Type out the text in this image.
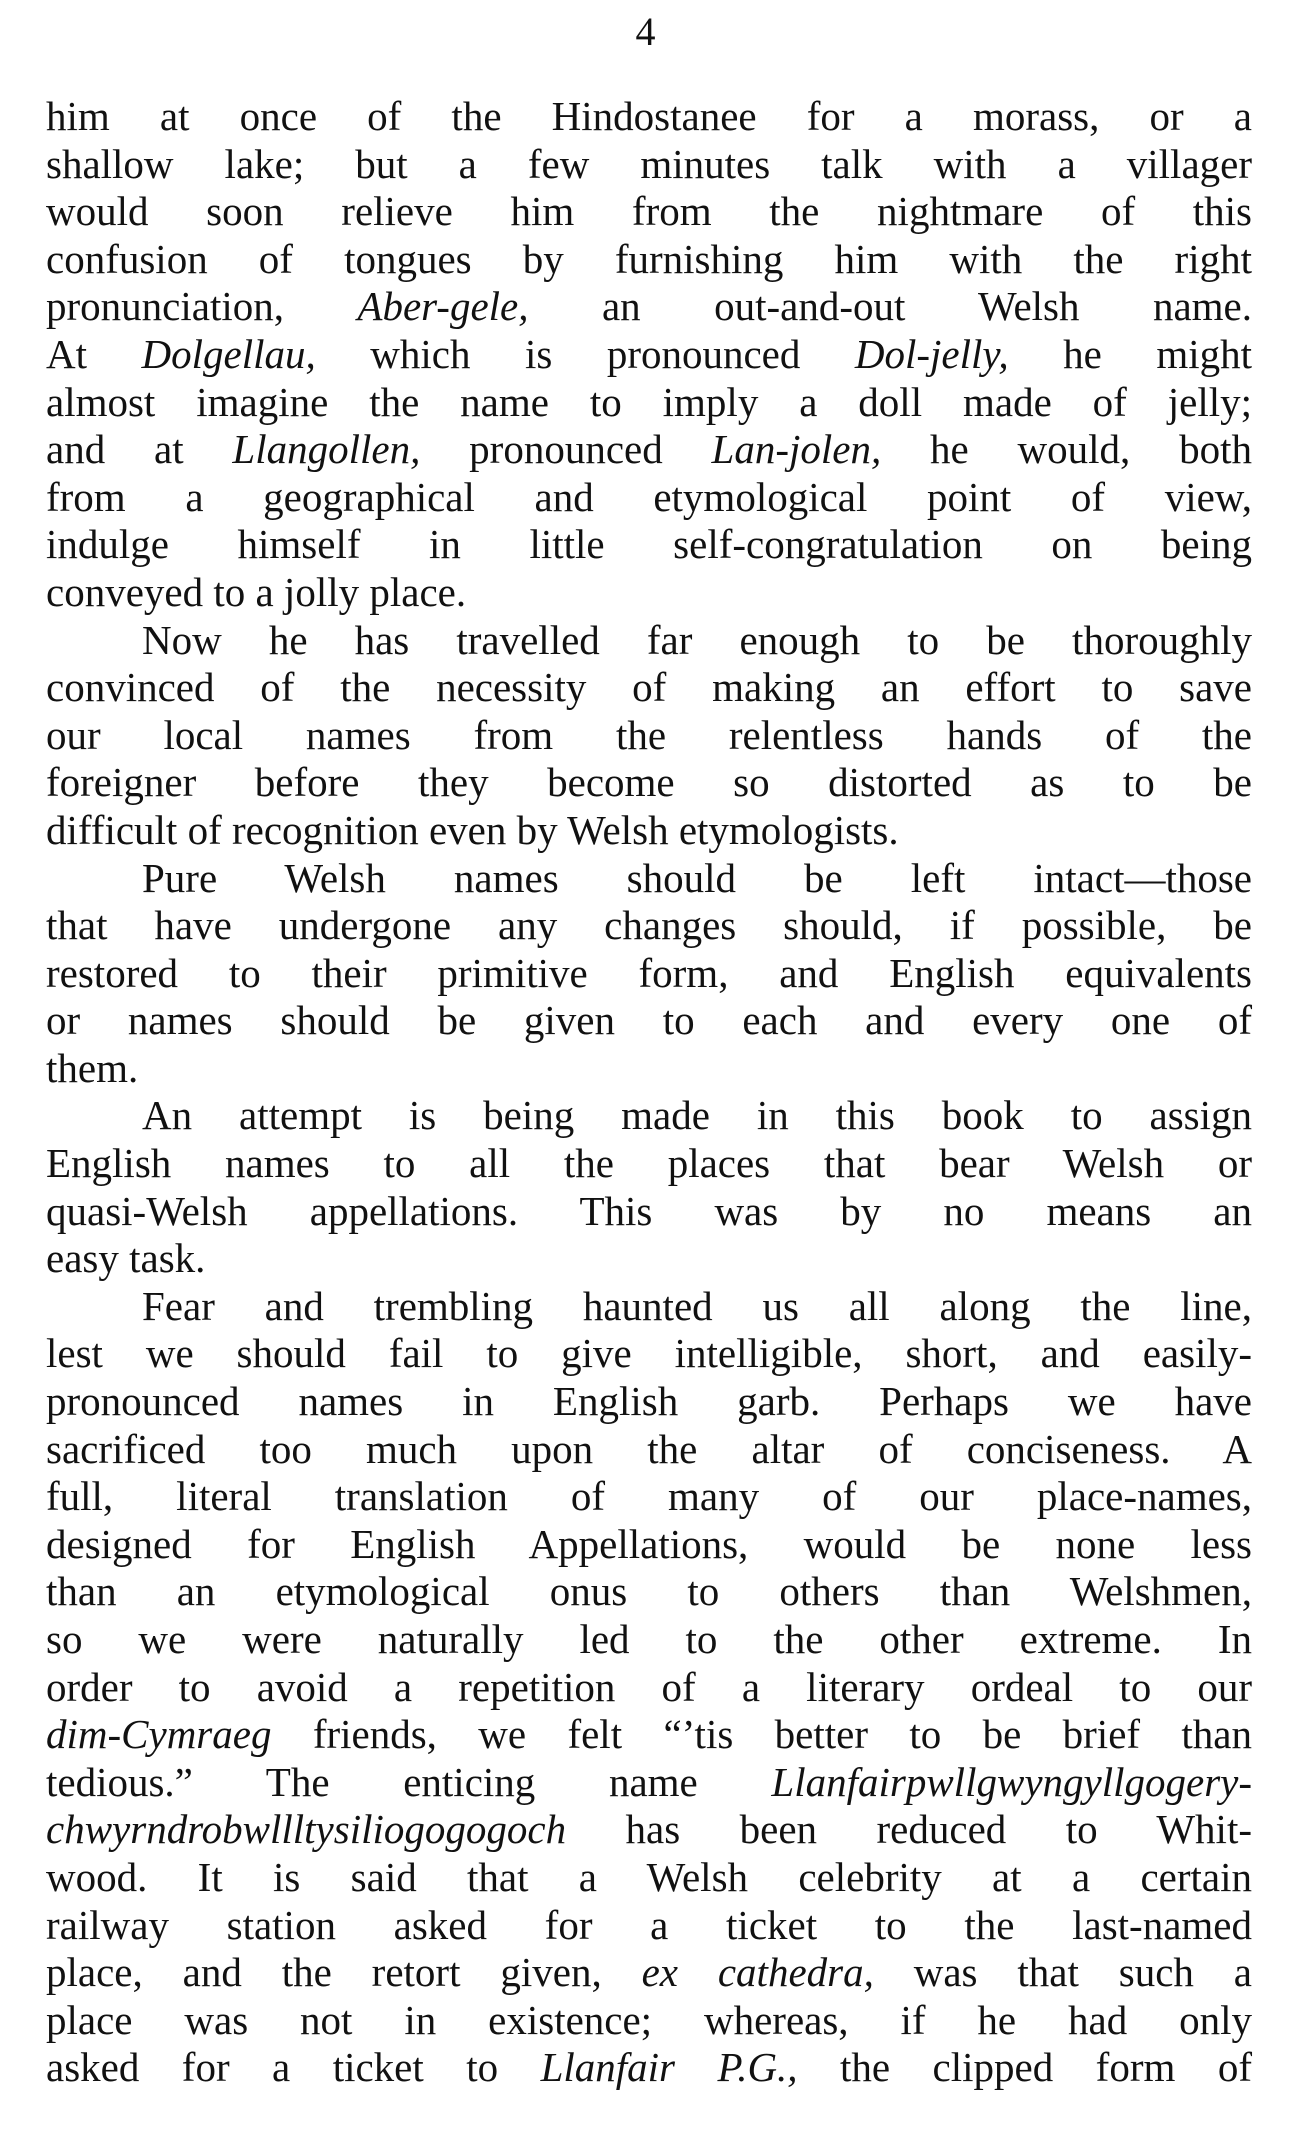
4
him at once of the Hindostanee for a morass, or a
shallow lake; but a few minutes talk with a villager
would soon relieve him from the nightmare of this
confusion of tongues by furnishing him with the right
pronunciation, Aber-gele, an out-and-out Welsh name.
At Dolgellau, which is pronounced Dol-jelly, he might
almost imagine the name to imply a doll made of jelly;
and at Llangollen, pronounced Lan-jolen, he would, both
from a geographical and etymological point of view,
indulge himself in little self-congratulation on being
conveyed to a jolly place.
Now he has travelled far enough to be thoroughly
convinced of the necessity of making an effort to save
our local names from the relentless hands of the
foreigner before they become so distorted as to be
difficult of recognition even by Welsh etymologists.
Pure Welsh names should be left intact—those
that have undergone any changes should, if possible, be
restored to their primitive form, and English equivalents
or names should be given to each and every one of
them.
An attempt is being made in this book to assign
English names to all the places that bear Welsh or
quasi-Welsh appellations. This was by no means an
easy task.
Fear and trembling haunted us all along the line,
lest we should fail to give intelligible, short, and easily-
pronounced names in English garb. Perhaps we have
sacrificed too much upon the altar of conciseness. A
full, literal translation of many of our place-names,
designed for English Appellations, would be none less
than an etymological onus to others than Welshmen,
so we were naturally led to the other extreme. In
order to avoid a repetition of a literary ordeal to our
dim-Cymraeg friends, we felt “’tis better to be brief than
tedious.” The enticing name Llanfairpwllgwyngyllgogery-
chwyrndrobwllltysiliogogogoch has been reduced to Whit-
wood. It is said that a Welsh celebrity at a certain
railway station asked for a ticket to the last-named
place, and the retort given, ex cathedra, was that such a
place was not in existence; whereas, if he had only
asked for a ticket to Llanfair P.G., the clipped form of
